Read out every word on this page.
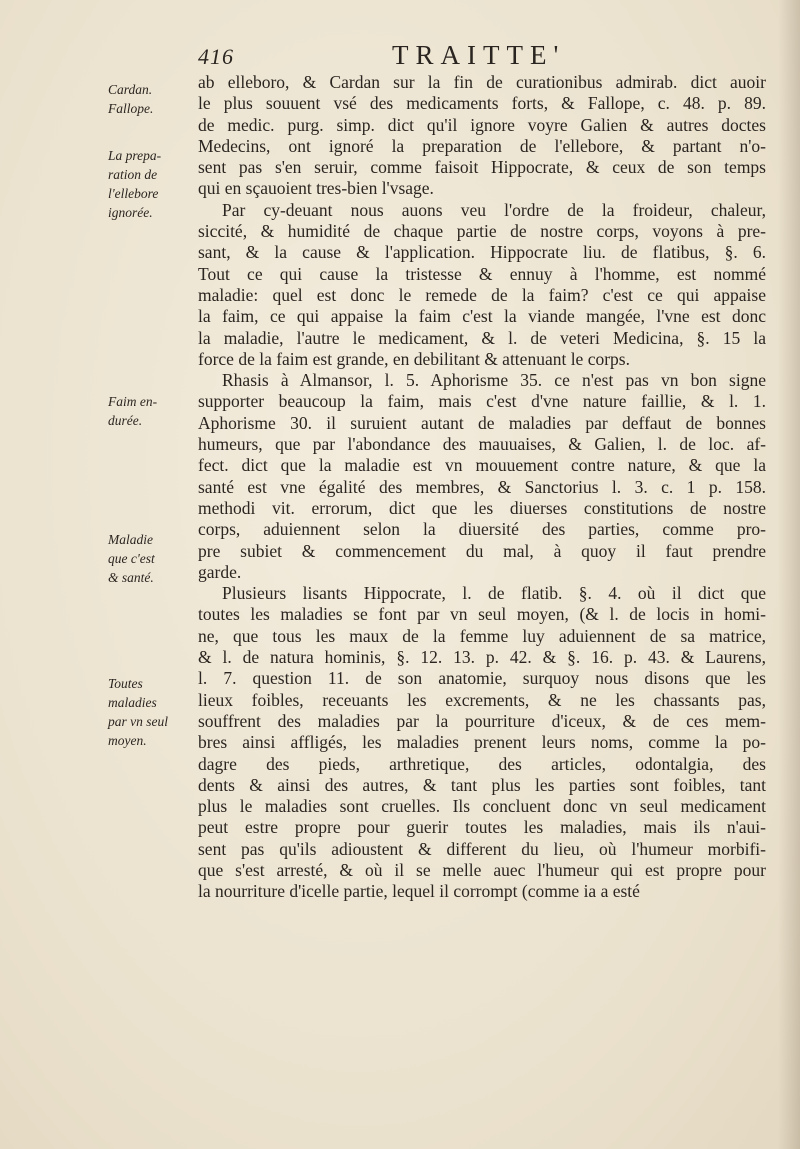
416	TRAITTE'
Cardan.
Fallope.
La prepa-
ration de
l'ellebore
ignorée.
Faim en-
durée.
Maladie
que c'est
& santé.
Toutes
maladies
par vn seul
moyen.
ab elleboro, & Cardan sur la fin de curationibus admirab. dict auoir
le plus souuent vsé des medicaments forts, & Fallope, c. 48. p. 89.
de medic. purg. simp. dict qu'il ignore voyre Galien & autres doctes
Medecins, ont ignoré la preparation de l'ellebore, & partant n'o-
sent pas s'en seruir, comme faisoit Hippocrate, & ceux de son temps
qui en sçauoient tres-bien l'vsage.
Par cy-deuant nous auons veu l'ordre de la froideur, chaleur,
siccité, & humidité de chaque partie de nostre corps, voyons à pre-
sant, & la cause & l'application. Hippocrate liu. de flatibus, §. 6.
Tout ce qui cause la tristesse & ennuy à l'homme, est nommé
maladie: quel est donc le remede de la faim? c'est ce qui appaise
la faim, ce qui appaise la faim c'est la viande mangée, l'vne est donc
la maladie, l'autre le medicament, & l. de veteri Medicina, §. 15 la
force de la faim est grande, en debilitant & attenuant le corps.
Rhasis à Almansor, l. 5. Aphorisme 35. ce n'est pas vn bon signe
supporter beaucoup la faim, mais c'est d'vne nature faillie, & l. 1.
Aphorisme 30. il suruient autant de maladies par deffaut de bonnes
humeurs, que par l'abondance des mauuaises, & Galien, l. de loc. af-
fect. dict que la maladie est vn mouuement contre nature, & que la
santé est vne égalité des membres, & Sanctorius l. 3. c. 1 p. 158.
methodi vit. errorum, dict que les diuerses constitutions de nostre
corps, aduiennent selon la diuersité des parties, comme pro-
pre subiet & commencement du mal, à quoy il faut prendre
garde.
Plusieurs lisants Hippocrate, l. de flatib. §. 4. où il dict que
toutes les maladies se font par vn seul moyen, (& l. de locis in homi-
ne, que tous les maux de la femme luy aduiennent de sa matrice,
& l. de natura hominis, §. 12. 13. p. 42. & §. 16. p. 43. & Laurens,
l. 7. question 11. de son anatomie, surquoy nous disons que les
lieux foibles, receuants les excrements, & ne les chassants pas,
souffrent des maladies par la pourriture d'iceux, & de ces mem-
bres ainsi affligés, les maladies prenent leurs noms, comme la po-
dagre des pieds, arthretique, des articles, odontalgia, des
dents & ainsi des autres, & tant plus les parties sont foibles, tant
plus le maladies sont cruelles. Ils concluent donc vn seul medicament
peut estre propre pour guerir toutes les maladies, mais ils n'aui-
sent pas qu'ils adioustent & different du lieu, où l'humeur morbifi-
que s'est arresté, & où il se melle auec l'humeur qui est propre pour
la nourriture d'icelle partie, lequel il corrompt (comme ia a esté
